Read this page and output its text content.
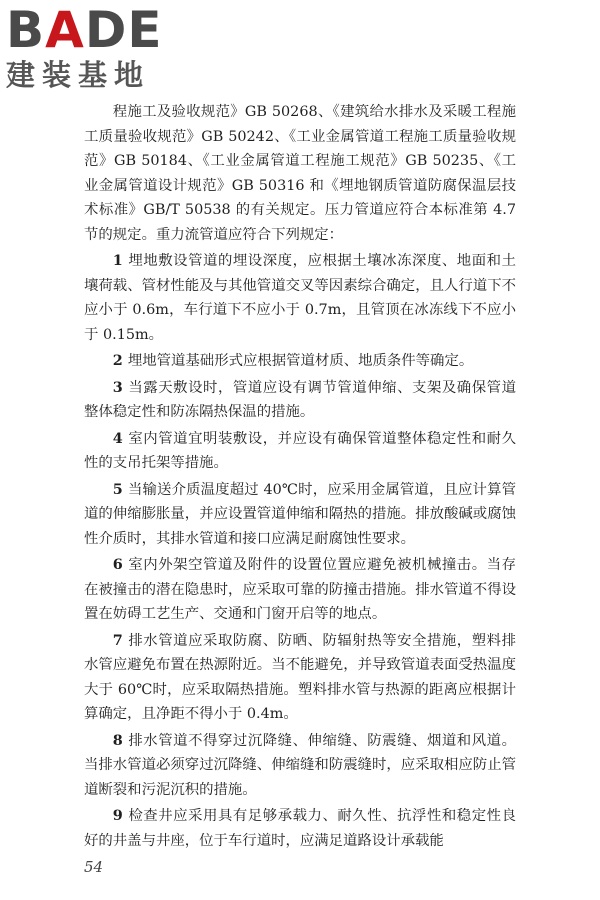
BADE
建装基地

程施工及验收规范》GB 50268、《建筑给水排水及采暖工程施工质量验收规范》GB 50242、《工业金属管道工程施工质量验收规范》GB 50184、《工业金属管道工程施工规范》GB 50235、《工业金属管道设计规范》GB 50316 和《埋地钢质管道防腐保温层技术标准》GB/T 50538 的有关规定。压力管道应符合本标准第 4.7 节的规定。重力流管道应符合下列规定：

1 埋地敷设管道的埋设深度，应根据土壤冰冻深度、地面和土壤荷载、管材性能及与其他管道交叉等因素综合确定，且人行道下不应小于 0.6m，车行道下不应小于 0.7m，且管顶在冰冻线下不应小于 0.15m。

2 埋地管道基础形式应根据管道材质、地质条件等确定。

3 当露天敷设时，管道应设有调节管道伸缩、支架及确保管道整体稳定性和防冻隔热保温的措施。

4 室内管道宜明装敷设，并应设有确保管道整体稳定性和耐久性的支吊托架等措施。

5 当输送介质温度超过 40℃时，应采用金属管道，且应计算管道的伸缩膨胀量，并应设置管道伸缩和隔热的措施。排放酸碱或腐蚀性介质时，其排水管道和接口应满足耐腐蚀性要求。

6 室内外架空管道及附件的设置位置应避免被机械撞击。当存在被撞击的潜在隐患时，应采取可靠的防撞击措施。排水管道不得设置在妨碍工艺生产、交通和门窗开启等的地点。

7 排水管道应采取防腐、防晒、防辐射热等安全措施，塑料排水管应避免布置在热源附近。当不能避免，并导致管道表面受热温度大于 60℃时，应采取隔热措施。塑料排水管与热源的距离应根据计算确定，且净距不得小于 0.4m。

8 排水管道不得穿过沉降缝、伸缩缝、防震缝、烟道和风道。当排水管道必须穿过沉降缝、伸缩缝和防震缝时，应采取相应防止管道断裂和污泥沉积的措施。

9 检查井应采用具有足够承载力、耐久性、抗浮性和稳定性良好的井盖与井座，位于车行道时，应满足道路设计承载能

54
